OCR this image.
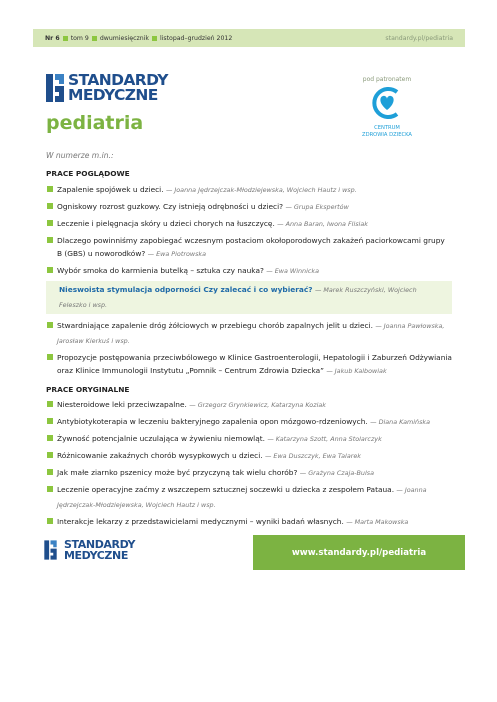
Nr 6 tom 9 dwumiesięcznik listopad–grudzień 2012	standardy.pl/pediatria
STANDARDY
MEDYCZNE
pediatria
pod patronatem
CENTRUM
ZDROWIA DZIECKA
W numerze m.in.:
PRACE POGLĄDOWE
Zapalenie spojówek u dzieci. — Joanna Jędrzejczak-Młodziejewska, Wojciech Hautz i wsp.
Ogniskowy rozrost guzkowy. Czy istnieją odrębności u dzieci? — Grupa Ekspertów
Leczenie i pielęgnacja skóry u dzieci chorych na łuszczycę. — Anna Baran, Iwona Flisiak
Dlaczego powinniśmy zapobiegać wczesnym postaciom okołoporodowych zakażeń paciorkowcami grupy B (GBS) u noworodków? — Ewa Piotrowska
Wybór smoka do karmienia butelką – sztuka czy nauka? — Ewa Winnicka
Nieswoista stymulacja odporności Czy zalecać i co wybierać? — Marek Ruszczyński, Wojciech Feleszko i wsp.
Stwardniające zapalenie dróg żółciowych w przebiegu chorób zapalnych jelit u dzieci. — Joanna Pawłowska, Jarosław Kierkuś i wsp.
Propozycje postępowania przeciwbólowego w Klinice Gastroenterologii, Hepatologii i Zaburzeń Odżywiania oraz Klinice Immunologii Instytutu „Pomnik – Centrum Zdrowia Dziecka” — Jakub Kalbowiak
PRACE ORYGINALNE
Niesteroidowe leki przeciwzapalne. — Grzegorz Grynkiewicz, Katarzyna Koziak
Antybiotykoterapia w leczeniu bakteryjnego zapalenia opon mózgowo-rdzeniowych. — Diana Kamińska
Żywność potencjalnie uczulająca w żywieniu niemowląt. — Katarzyna Szott, Anna Stolarczyk
Różnicowanie zakaźnych chorób wysypkowych u dzieci. — Ewa Duszczyk, Ewa Talarek
Jak małe ziarnko pszenicy może być przyczyną tak wielu chorób? — Grażyna Czaja-Bulsa
Leczenie operacyjne zaćmy z wszczepem sztucznej soczewki u dziecka z zespołem Pataua. — Joanna Jędrzejczak-Młodziejewska, Wojciech Hautz i wsp.
Interakcje lekarzy z przedstawicielami medycznymi – wyniki badań własnych. — Marta Makowska
STANDARDY
MEDYCZNE	www.standardy.pl/pediatria
